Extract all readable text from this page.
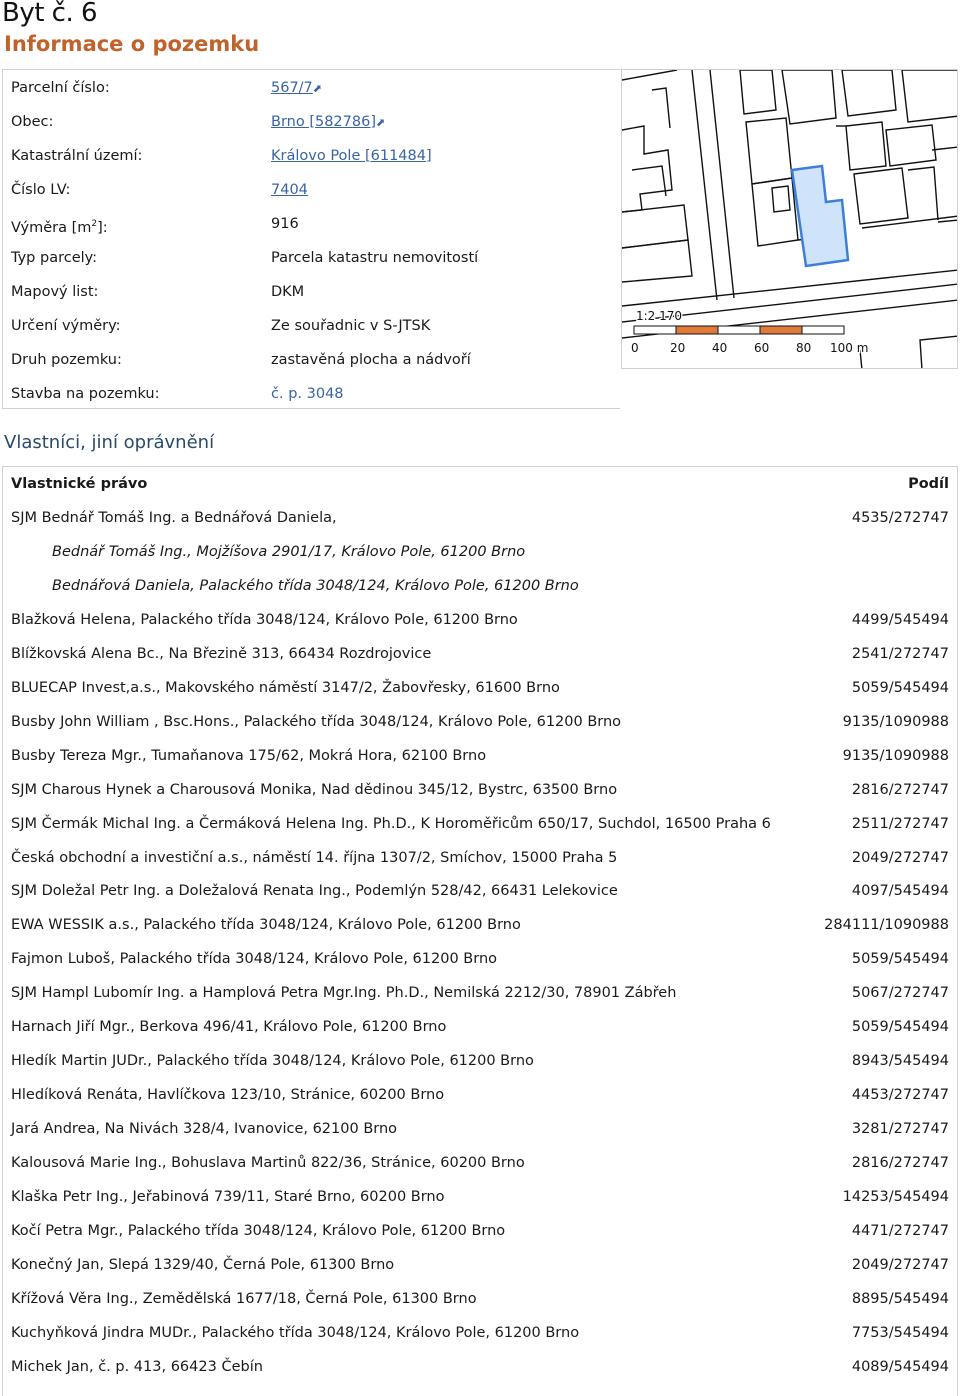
Byt č. 6
Informace o pozemku
Parcelní číslo:	567/7⬈
Obec:	Brno [582786]⬈
Katastrální území:	Královo Pole [611484]
Číslo LV:	7404
Výměra $[m^2]$:	916
Typ parcely:	Parcela katastru nemovitostí
Mapový list:	DKM
Určení výměry:	Ze souřadnic v S-JTSK
Druh pozemku:	zastavěná plocha a nádvoří
Stavba na pozemku:	č. p. 3048
1:2 170
0	20 40 60 80 100 m
Vlastníci, jiní oprávnění
Vlastnické právo	Podíl
SJM Bednář Tomáš Ing. a Bednářová Daniela,	4535/272747
Bednář Tomáš Ing., Mojžíšova 2901/17, Královo Pole, 61200 Brno
Bednářová Daniela, Palackého třída 3048/124, Královo Pole, 61200 Brno
Blažková Helena, Palackého třída 3048/124, Královo Pole, 61200 Brno	4499/545494
Blížkovská Alena Bc., Na Březině 313, 66434 Rozdrojovice	2541/272747
BLUECAP Invest,a.s., Makovského náměstí 3147/2, Žabovřesky, 61600 Brno	5059/545494
Busby John William , Bsc.Hons., Palackého třída 3048/124, Královo Pole, 61200 Brno	9135/1090988
Busby Tereza Mgr., Tumaňanova 175/62, Mokrá Hora, 62100 Brno	9135/1090988
SJM Charous Hynek a Charousová Monika, Nad dědinou 345/12, Bystrc, 63500 Brno	2816/272747
SJM Čermák Michal Ing. a Čermáková Helena Ing. Ph.D., K Horoměřicům 650/17, Suchdol, 16500 Praha 6	2511/272747
Česká obchodní a investiční a.s., náměstí 14. října 1307/2, Smíchov, 15000 Praha 5	2049/272747
SJM Doležal Petr Ing. a Doležalová Renata Ing., Podemlýn 528/42, 66431 Lelekovice	4097/545494
EWA WESSIK a.s., Palackého třída 3048/124, Královo Pole, 61200 Brno	284111/1090988
Fajmon Luboš, Palackého třída 3048/124, Královo Pole, 61200 Brno	5059/545494
SJM Hampl Lubomír Ing. a Hamplová Petra Mgr.Ing. Ph.D., Nemilská 2212/30, 78901 Zábřeh	5067/272747
Harnach Jiří Mgr., Berkova 496/41, Královo Pole, 61200 Brno	5059/545494
Hledík Martin JUDr., Palackého třída 3048/124, Královo Pole, 61200 Brno	8943/545494
Hledíková Renáta, Havlíčkova 123/10, Stránice, 60200 Brno	4453/272747
Jará Andrea, Na Nivách 328/4, Ivanovice, 62100 Brno	3281/272747
Kalousová Marie Ing., Bohuslava Martinů 822/36, Stránice, 60200 Brno	2816/272747
Klaška Petr Ing., Jeřabinová 739/11, Staré Brno, 60200 Brno	14253/545494
Kočí Petra Mgr., Palackého třída 3048/124, Královo Pole, 61200 Brno	4471/272747
Konečný Jan, Slepá 1329/40, Černá Pole, 61300 Brno	2049/272747
Křížová Věra Ing., Zemědělská 1677/18, Černá Pole, 61300 Brno	8895/545494
Kuchyňková Jindra MUDr., Palackého třída 3048/124, Královo Pole, 61200 Brno	7753/545494
Michek Jan, č. p. 413, 66423 Čebín	4089/545494
